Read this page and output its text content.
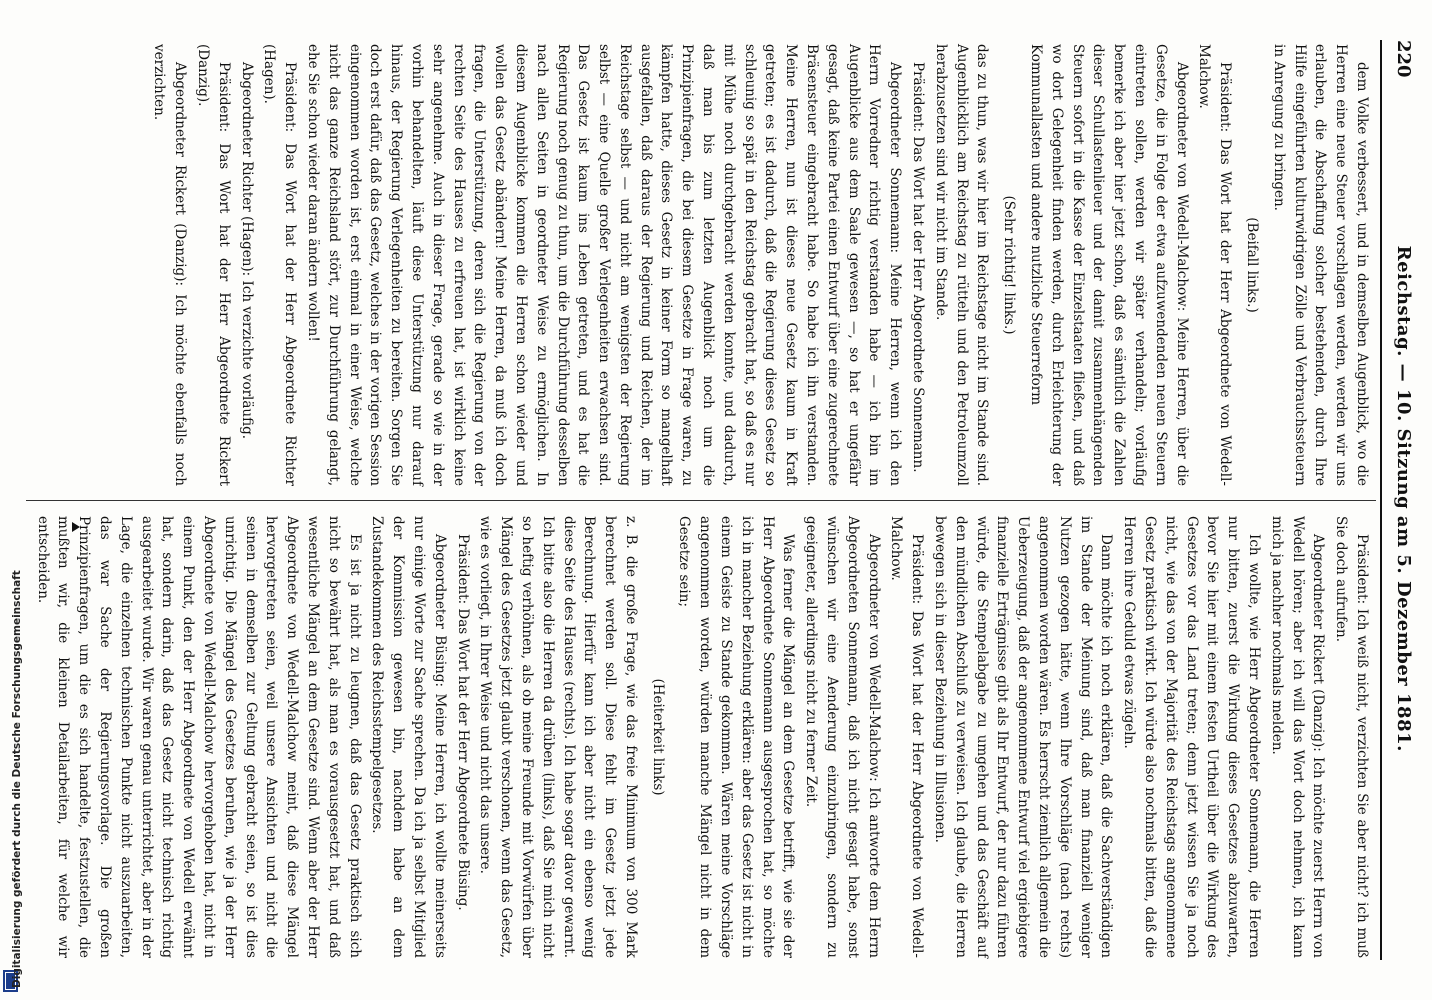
Digitalisierung gefördert durch die Deutsche Forschungsgemeinschaft
220
Reichstag. — 10. Sitzung am 5. Dezember 1881.

dem Volke verbessert, und in demselben Augenblick, wo die Herren eine neue Steuer vorschlagen werden, werden wir uns erlauben, die Abschaffung solcher bestehenden, durch Ihre Hilfe eingeführten kulturwidrigen Zölle und Verbrauchssteuern in Anregung zu bringen.

(Beifall links.)

Präsident: Das Wort hat der Herr Abgeordnete von Wedell-Malchow.

Abgeordneter von Wedell-Malchow: Meine Herren, über die Gesetze, die in Folge der etwa aufzuwendenden neuen Steuern eintreten sollen, werden wir später verhandeln; vorläufig bemerke ich aber hier jetzt schon, daß es sämtlich die Zahlen dieser Schullastenlieuer und der damit zusammenhängenden Steuern sofort in die Kasse der Einzelstaaten fließen, und daß wo dort Gelegenheit finden werden, durch Erleichterung der Kommunallasten und andere nutzliche Steuerreform

(Sehr richtig! links.)

das zu thun, was wir hier im Reichstage nicht im Stande sind. Augenblicklich am Reichstag zu rütteln und den Petroleumzoll herabzusetzen sind wir nicht im Stande.

Präsident: Das Wort hat der Herr Abgeordnete Sonnemann.

Abgeordneter Sonnemann: Meine Herren, wenn ich den Herrn Vorredner richtig verstanden habe — ich bin im Augenblicke aus dem Saale gewesen —, so hat er ungefähr gesagt, daß keine Partei einen Entwurf über eine zugerechnete Bräsensteuer eingebracht habe. So habe ich ihn verstanden. Meine Herren, nun ist dieses neue Gesetz kaum in Kraft getreten; es ist dadurch, daß die Regierung dieses Gesetz so schleunig so spät in den Reichstag gebracht hat, so daß es nur mit Mühe noch durchgebracht werden konnte, und dadurch, daß man bis zum letzten Augenblick noch um die Prinzipienfragen, die bei diesem Gesetze in Frage waren, zu kämpfen hatte, dieses Gesetz in keiner Form so mangelhaft ausgefallen, daß daraus der Regierung und Reichen, der im Reichstage selbst — und nicht am wenigsten der Regierung selbst — eine Quelle großer Verlegenheiten erwachsen sind. Das Gesetz ist kaum ins Leben getreten, und es hat die Regierung noch genug zu thun, um die Durchführung desselben nach allen Seiten in geordneter Weise zu ermöglichen. In diesem Augenblicke kommen die Herren schon wieder und wollen das Gesetz abändern! Meine Herren, da muß ich doch fragen, die Unterstützung, deren sich die Regierung von der rechten Seite des Hauses zu erfreuen hat, ist wirklich keine sehr angenehme. Auch in dieser Frage, gerade so wie in der vorhin behandelten, läuft diese Unterstützung nur darauf hinaus, der Regierung Verlegenheiten zu bereiten. Sorgen Sie doch erst dafür, daß das Gesetz, welches in der vorigen Session eingenommen worden ist, erst einmal in einer Weise, welche nicht das ganze Reichsland stört, zur Durchführung gelangt, ehe Sie schon wieder daran ändern wollen!

Präsident: Das Wort hat der Herr Abgeordnete Richter (Hagen).

Abgeordneter Richter (Hagen): Ich verzichte vorläufig.

Präsident: Das Wort hat der Herr Abgeordnete Rickert (Danzig).

Abgeordneter Rickert (Danzig): Ich möchte ebenfalls noch verzichten.

Präsident: Ich weiß nicht, verzichten Sie aber nicht? ich muß Sie doch aufrufen.

Abgeordneter Rickert (Danzig): Ich möchte zuerst Herrn von Wedell hören; aber ich will das Wort doch nehmen, ich kann mich ja nachher nochmals melden.

Ich wollte, wie Herr Abgeordneter Sonnemann, die Herren nur bitten, zuerst die Wirkung dieses Gesetzes abzuwarten, bevor Sie hier mit einem festen Urtheil über die Wirkung des Gesetzes vor das Land treten; denn jetzt wissen Sie ja noch nicht, wie das von der Majorität des Reichstags angenommene Gesetz praktisch wirkt. Ich würde also nochmals bitten, daß die Herren ihre Geduld etwas zügeln.

Dann möchte ich noch erklären, daß die Sachverständigen im Stande der Meinung sind, daß man finanziell weniger Nutzen gezogen hätte, wenn Ihre Vorschläge (nach rechts) angenommen worden wären. Es herrscht ziemlich allgemein die Ueberzeugung, daß der angenommene Entwurf viel ergiebigere finanzielle Erträgnisse gibt als Ihr Entwurf, der nur dazu führen würde, die Stempelabgabe zu umgehen und das Geschäft auf den mündlichen Abschluß zu verweisen. Ich glaube, die Herren bewegen sich in dieser Beziehung in Illusionen.

Präsident: Das Wort hat der Herr Abgeordnete von Wedell-Malchow.

Abgeordneter von Wedell-Malchow: Ich antworte dem Herrn Abgeordneten Sonnemann, daß ich nicht gesagt habe, sonst wünschen wir eine Aenderung einzubringen, sondern zu geeigneter, allerdings nicht zu ferner Zeit.

Was ferner die Mängel an dem Gesetze betrifft, wie sie der Herr Abgeordnete Sonnemann ausgesprochen hat, so möchte ich in mancher Beziehung erklären: aber das Gesetz ist nicht in einem Geiste zu Stande gekommen. Wären meine Vorschläge angenommen worden, würden manche Mängel nicht in dem Gesetze sein;

(Heiterkeit links)

z. B. die große Frage, wie das freie Minimum von 300 Mark berechnet werden soll. Diese fehlt im Gesetz jetzt jede Berechnung. Hierfür kann ich aber nicht ein ebenso wenig diese Seite des Hauses (rechts). Ich habe sogar davor gewarnt. Ich bitte also die Herren da drüben (links), daß Sie mich nicht so heftig verhöhnen, als ob meine Freunde mit Vorwürfen über Mängel des Gesetzes jetzt glaubt verschonen, wenn das Gesetz, wie es vorliegt, in Ihrer Weise und nicht das unsere.

Präsident: Das Wort hat der Herr Abgeordnete Büsing.

Abgeordneter Büsing: Meine Herren, ich wollte meinerseits nur einige Worte zur Sache sprechen. Da ich ja selbst Mitglied der Kommission gewesen bin, nachdem habe an dem Zustandekommen des Reichsstempelgesetzes.

Es ist ja nicht zu leugnen, daß das Gesetz praktisch sich nicht so bewährt hat, als man es vorausgesetzt hat, und daß wesentliche Mängel an dem Gesetze sind. Wenn aber der Herr Abgeordnete von Wedell-Malchow meint, daß diese Mängel hervorgetreten seien, weil unsere Ansichten und nicht die seinen in demselben zur Geltung gebracht seien, so ist dies unrichtig. Die Mängel des Gesetzes beruhen, wie ja der Herr Abgeordnete von Wedell-Malchow hervorgehoben hat, nicht in einem Punkt, den der Herr Abgeordnete von Wedell erwähnt hat, sondern darin, daß das Gesetz nicht technisch richtig ausgearbeitet wurde. Wir waren genau unterrichtet, aber in der Lage, die einzelnen technischen Punkte nicht auszuarbeiten, das war Sache der Regierungsvorlage. Die großen Prinzipienfragen, um die es sich handelte, festzustellen, die mußten wir, die kleinen Detailarbeiten, für welche wir entscheiden.
